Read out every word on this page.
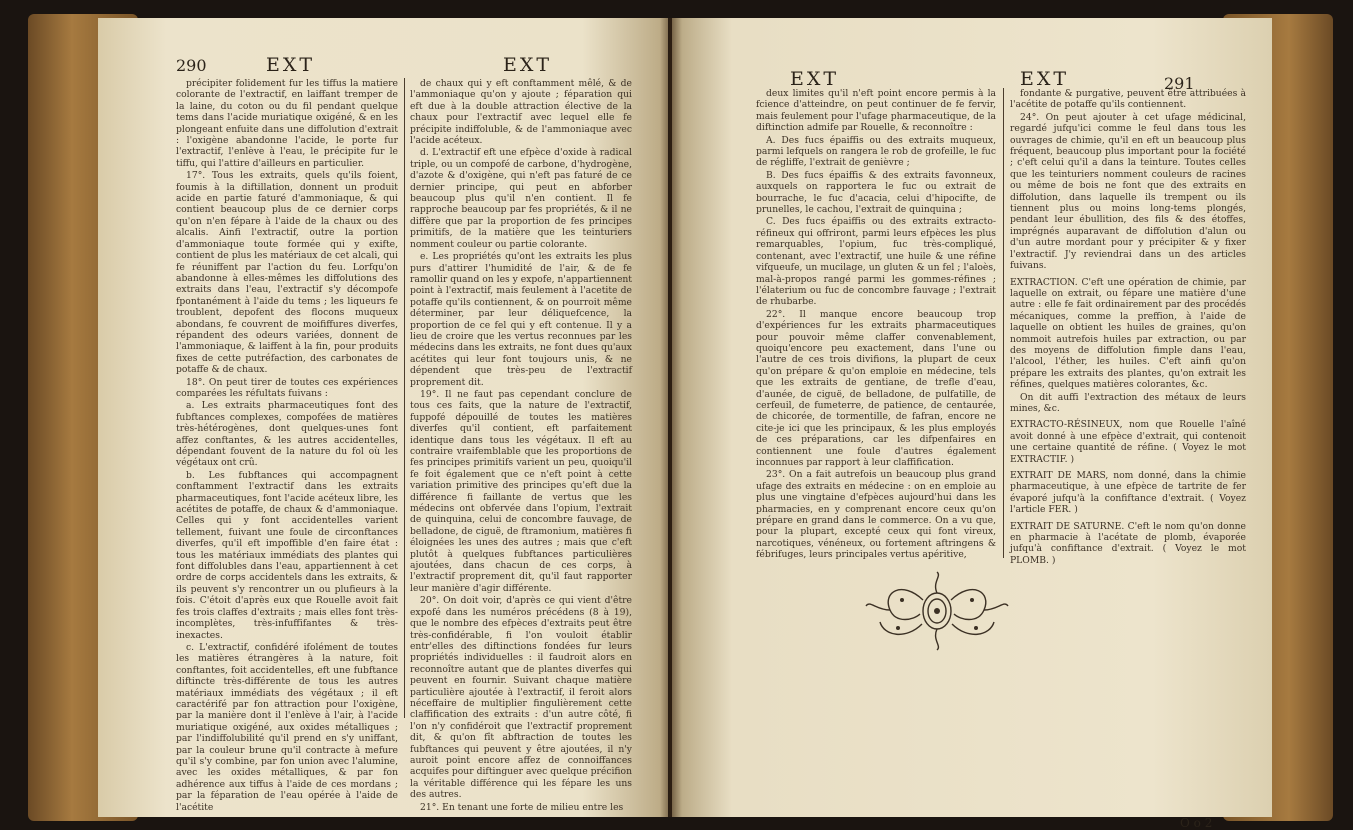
290	EXT	EXT

précipiter folidement fur les tiffus la matiere colorante de l'extractif, en laiffant tremper de la laine, du coton ou du fil pendant quelque tems dans l'acide muriatique oxigéné, & en les plongeant enfuite dans une diffolution d'extrait : l'oxigène abandonne l'acide, le porte fur l'extractif, l'enlève à l'eau, le précipite fur le tiffu, qui l'attire d'ailleurs en particulier.

17°. Tous les extraits, quels qu'ils foient, foumis à la diftillation, donnent un produit acide en partie faturé d'ammoniaque, & qui contient beaucoup plus de ce dernier corps qu'on n'en fépare à l'aide de la chaux ou des alcalis. Ainfi l'extractif, outre la portion d'ammoniaque toute formée qui y exifte, contient de plus les matériaux de cet alcali, qui fe réuniffent par l'action du feu. Lorfqu'on abandonne à elles-mêmes les diffolutions des extraits dans l'eau, l'extractif s'y décompofe fpontanément à l'aide du tems ; les liqueurs fe troublent, depofent des flocons muqueux abondans, fe couvrent de moififfures diverfes, répandent des odeurs variées, donnent de l'ammoniaque, & laiffent à la fin, pour produits fixes de cette putréfaction, des carbonates de potaffe & de chaux.

18°. On peut tirer de toutes ces expériences comparées les réfultats fuivans :

a. Les extraits pharmaceutiques font des fubftances complexes, compofées de matières très-hétérogènes, dont quelques-unes font affez conftantes, & les autres accidentelles, dépendant fouvent de la nature du fol où les végétaux ont crû.

b. Les fubftances qui accompagnent conftamment l'extractif dans les extraits pharmaceutiques, font l'acide acéteux libre, les acétites de potaffe, de chaux & d'ammoniaque. Celles qui y font accidentelles varient tellement, fuivant une foule de circonftances diverfes, qu'il eft impoffible d'en faire état : tous les matériaux immédiats des plantes qui font diffolubles dans l'eau, appartiennent à cet ordre de corps accidentels dans les extraits, & ils peuvent s'y rencontrer un ou plufieurs à la fois. C'étoit d'après eux que Rouelle avoit fait fes trois claffes d'extraits ; mais elles font très-incomplètes, très-infuffifantes & très-inexactes.

c. L'extractif, confidéré ifolément de toutes les matières étrangères à la nature, foit conftantes, foit accidentelles, eft une fubftance diftincte très-différente de tous les autres matériaux immédiats des végétaux ; il eft caractérifé par fon attraction pour l'oxigène, par la manière dont il l'enlève à l'air, à l'acide muriatique oxigéné, aux oxides métalliques ; par l'indiffolubilité qu'il prend en s'y uniffant, par la couleur brune qu'il contracte à mefure qu'il s'y combine, par fon union avec l'alumine, avec les oxides métalliques, & par fon adhérence aux tiffus à l'aide de ces mordans ; par la féparation de l'eau opérée à l'aide de l'acétite

de chaux qui y eft conftamment mêlé, & de l'ammoniaque qu'on y ajoute ; féparation qui eft due à la double attraction élective de la chaux pour l'extractif avec lequel elle fe précipite indiffoluble, & de l'ammoniaque avec l'acide acéteux.

d. L'extractif eft une efpèce d'oxide à radical triple, ou un compofé de carbone, d'hydrogène, d'azote & d'oxigène, qui n'eft pas faturé de ce dernier principe, qui peut en abforber beaucoup plus qu'il n'en contient. Il fe rapproche beaucoup par fes propriétés, & il ne diffère que par la proportion de fes principes primitifs, de la matière que les teinturiers nomment couleur ou partie colorante.

e. Les propriétés qu'ont les extraits les plus purs d'attirer l'humidité de l'air, & de fe ramollir quand on les y expofe, n'appartiennent point à l'extractif, mais feulement à l'acetite de potaffe qu'ils contiennent, & on pourroit même déterminer, par leur déliquefcence, la proportion de ce fel qui y eft contenue. Il y a lieu de croire que les vertus reconnues par les médecins dans les extraits, ne font dues qu'aux acétites qui leur font toujours unis, & ne dépendent que très-peu de l'extractif proprement dit.

19°. Il ne faut pas cependant conclure de tous ces faits, que la nature de l'extractif, fuppofé dépouillé de toutes les matières diverfes qu'il contient, eft parfaitement identique dans tous les végétaux. Il eft au contraire vraifemblable que les proportions de fes principes primitifs varient un peu, quoiqu'il fe foit également que ce n'eft point à cette variation primitive des principes qu'eft due la différence fi faillante de vertus que les médecins ont obfervée dans l'opium, l'extrait de quinquina, celui de concombre fauvage, de belladone, de ciguë, de ftramonium, matières fi éloignées les unes des autres ; mais que c'eft plutôt à quelques fubftances particulières ajoutées, dans chacun de ces corps, à l'extractif proprement dit, qu'il faut rapporter leur manière d'agir différente.

20°. On doit voir, d'après ce qui vient d'être expofé dans les numéros précédens (8 à 19), que le nombre des efpèces d'extraits peut être très-confidérable, fi l'on vouloit établir entr'elles des diftinctions fondées fur leurs propriétés individuelles : il faudroit alors en reconnoître autant que de plantes diverfes qui peuvent en fournir. Suivant chaque matière particulière ajoutée à l'extractif, il feroit alors néceffaire de multiplier fingulièrement cette claffification des extraits : d'un autre côté, fi l'on n'y confidéroit que l'extractif proprement dit, & qu'on fît abftraction de toutes les fubftances qui peuvent y être ajoutées, il n'y auroit point encore affez de connoiffances acquifes pour diftinguer avec quelque précifion la véritable différence qui les fépare les uns des autres.

21°. En tenant une forte de milieu entre les

EXT	EXT	291

deux limites qu'il n'eft point encore permis à la fcience d'atteindre, on peut continuer de fe fervir, mais feulement pour l'ufage pharmaceutique, de la diftinction admife par Rouelle, & reconnoître :

A. Des fucs épaiffis ou des extraits muqueux, parmi lefquels on rangera le rob de grofeille, le fuc de régliffe, l'extrait de genièvre ;

B. Des fucs épaiffis & des extraits favonneux, auxquels on rapportera le fuc ou extrait de bourrache, le fuc d'acacia, celui d'hipocifte, de prunelles, le cachou, l'extrait de quinquina ;

C. Des fucs épaiffis ou des extraits extracto-réfineux qui offriront, parmi leurs efpèces les plus remarquables, l'opium, fuc très-compliqué, contenant, avec l'extractif, une huile & une réfine vifqueufe, un mucilage, un gluten & un fel ; l'aloès, mal-à-propos rangé parmi les gommes-réfines ; l'élaterium ou fuc de concombre fauvage ; l'extrait de rhubarbe.

22°. Il manque encore beaucoup trop d'expériences fur les extraits pharmaceutiques pour pouvoir même claffer convenablement, quoiqu'encore peu exactement, dans l'une ou l'autre de ces trois divifions, la plupart de ceux qu'on prépare & qu'on emploie en médecine, tels que les extraits de gentiane, de trefle d'eau, d'aunée, de ciguë, de belladone, de pulfatille, de cerfeuil, de fumeterre, de patience, de centaurée, de chicorée, de tormentille, de fafran, encore ne cite-je ici que les principaux, & les plus employés de ces préparations, car les difpenfaires en contiennent une foule d'autres également inconnues par rapport à leur claffification.

23°. On a fait autrefois un beaucoup plus grand ufage des extraits en médecine : on en emploie au plus une vingtaine d'efpèces aujourd'hui dans les pharmacies, en y comprenant encore ceux qu'on prépare en grand dans le commerce. On a vu que, pour la plupart, excepté ceux qui font vireux, narcotiques, vénéneux, ou fortement aftringens & fébrifuges, leurs principales vertus apéritive,

fondante & purgative, peuvent être attribuées à l'acétite de potaffe qu'ils contiennent.

24°. On peut ajouter à cet ufage médicinal, regardé jufqu'ici comme le feul dans tous les ouvrages de chimie, qu'il en eft un beaucoup plus fréquent, beaucoup plus important pour la fociété ; c'eft celui qu'il a dans la teinture. Toutes celles que les teinturiers nomment couleurs de racines ou même de bois ne font que des extraits en diffolution, dans laquelle ils trempent ou ils tiennent plus ou moins long-tems plongés, pendant leur ébullition, des fils & des étoffes, imprégnés auparavant de diffolution d'alun ou d'un autre mordant pour y précipiter & y fixer l'extractif. J'y reviendrai dans un des articles fuivans.

EXTRACTION. C'eft une opération de chimie, par laquelle on extrait, ou fépare une matière d'une autre : elle fe fait ordinairement par des procédés mécaniques, comme la preffion, à l'aide de laquelle on obtient les huiles de graines, qu'on nommoit autrefois huiles par extraction, ou par des moyens de diffolution fimple dans l'eau, l'alcool, l'éther, les huiles. C'eft ainfi qu'on prépare les extraits des plantes, qu'on extrait les réfines, quelques matières colorantes, &c.

On dit auffi l'extraction des métaux de leurs mines, &c.

EXTRACTO-RÉSINEUX, nom que Rouelle l'aîné avoit donné à une efpèce d'extrait, qui contenoit une certaine quantité de réfine. ( Voyez le mot EXTRACTIF. )

EXTRAIT DE MARS, nom donné, dans la chimie pharmaceutique, à une efpèce de tartrite de fer évaporé jufqu'à la confiftance d'extrait. ( Voyez l'article FER. )

EXTRAIT DE SATURNE. C'eft le nom qu'on donne en pharmacie à l'acétate de plomb, évaporée jufqu'à confiftance d'extrait. ( Voyez le mot PLOMB. )

O o 2
